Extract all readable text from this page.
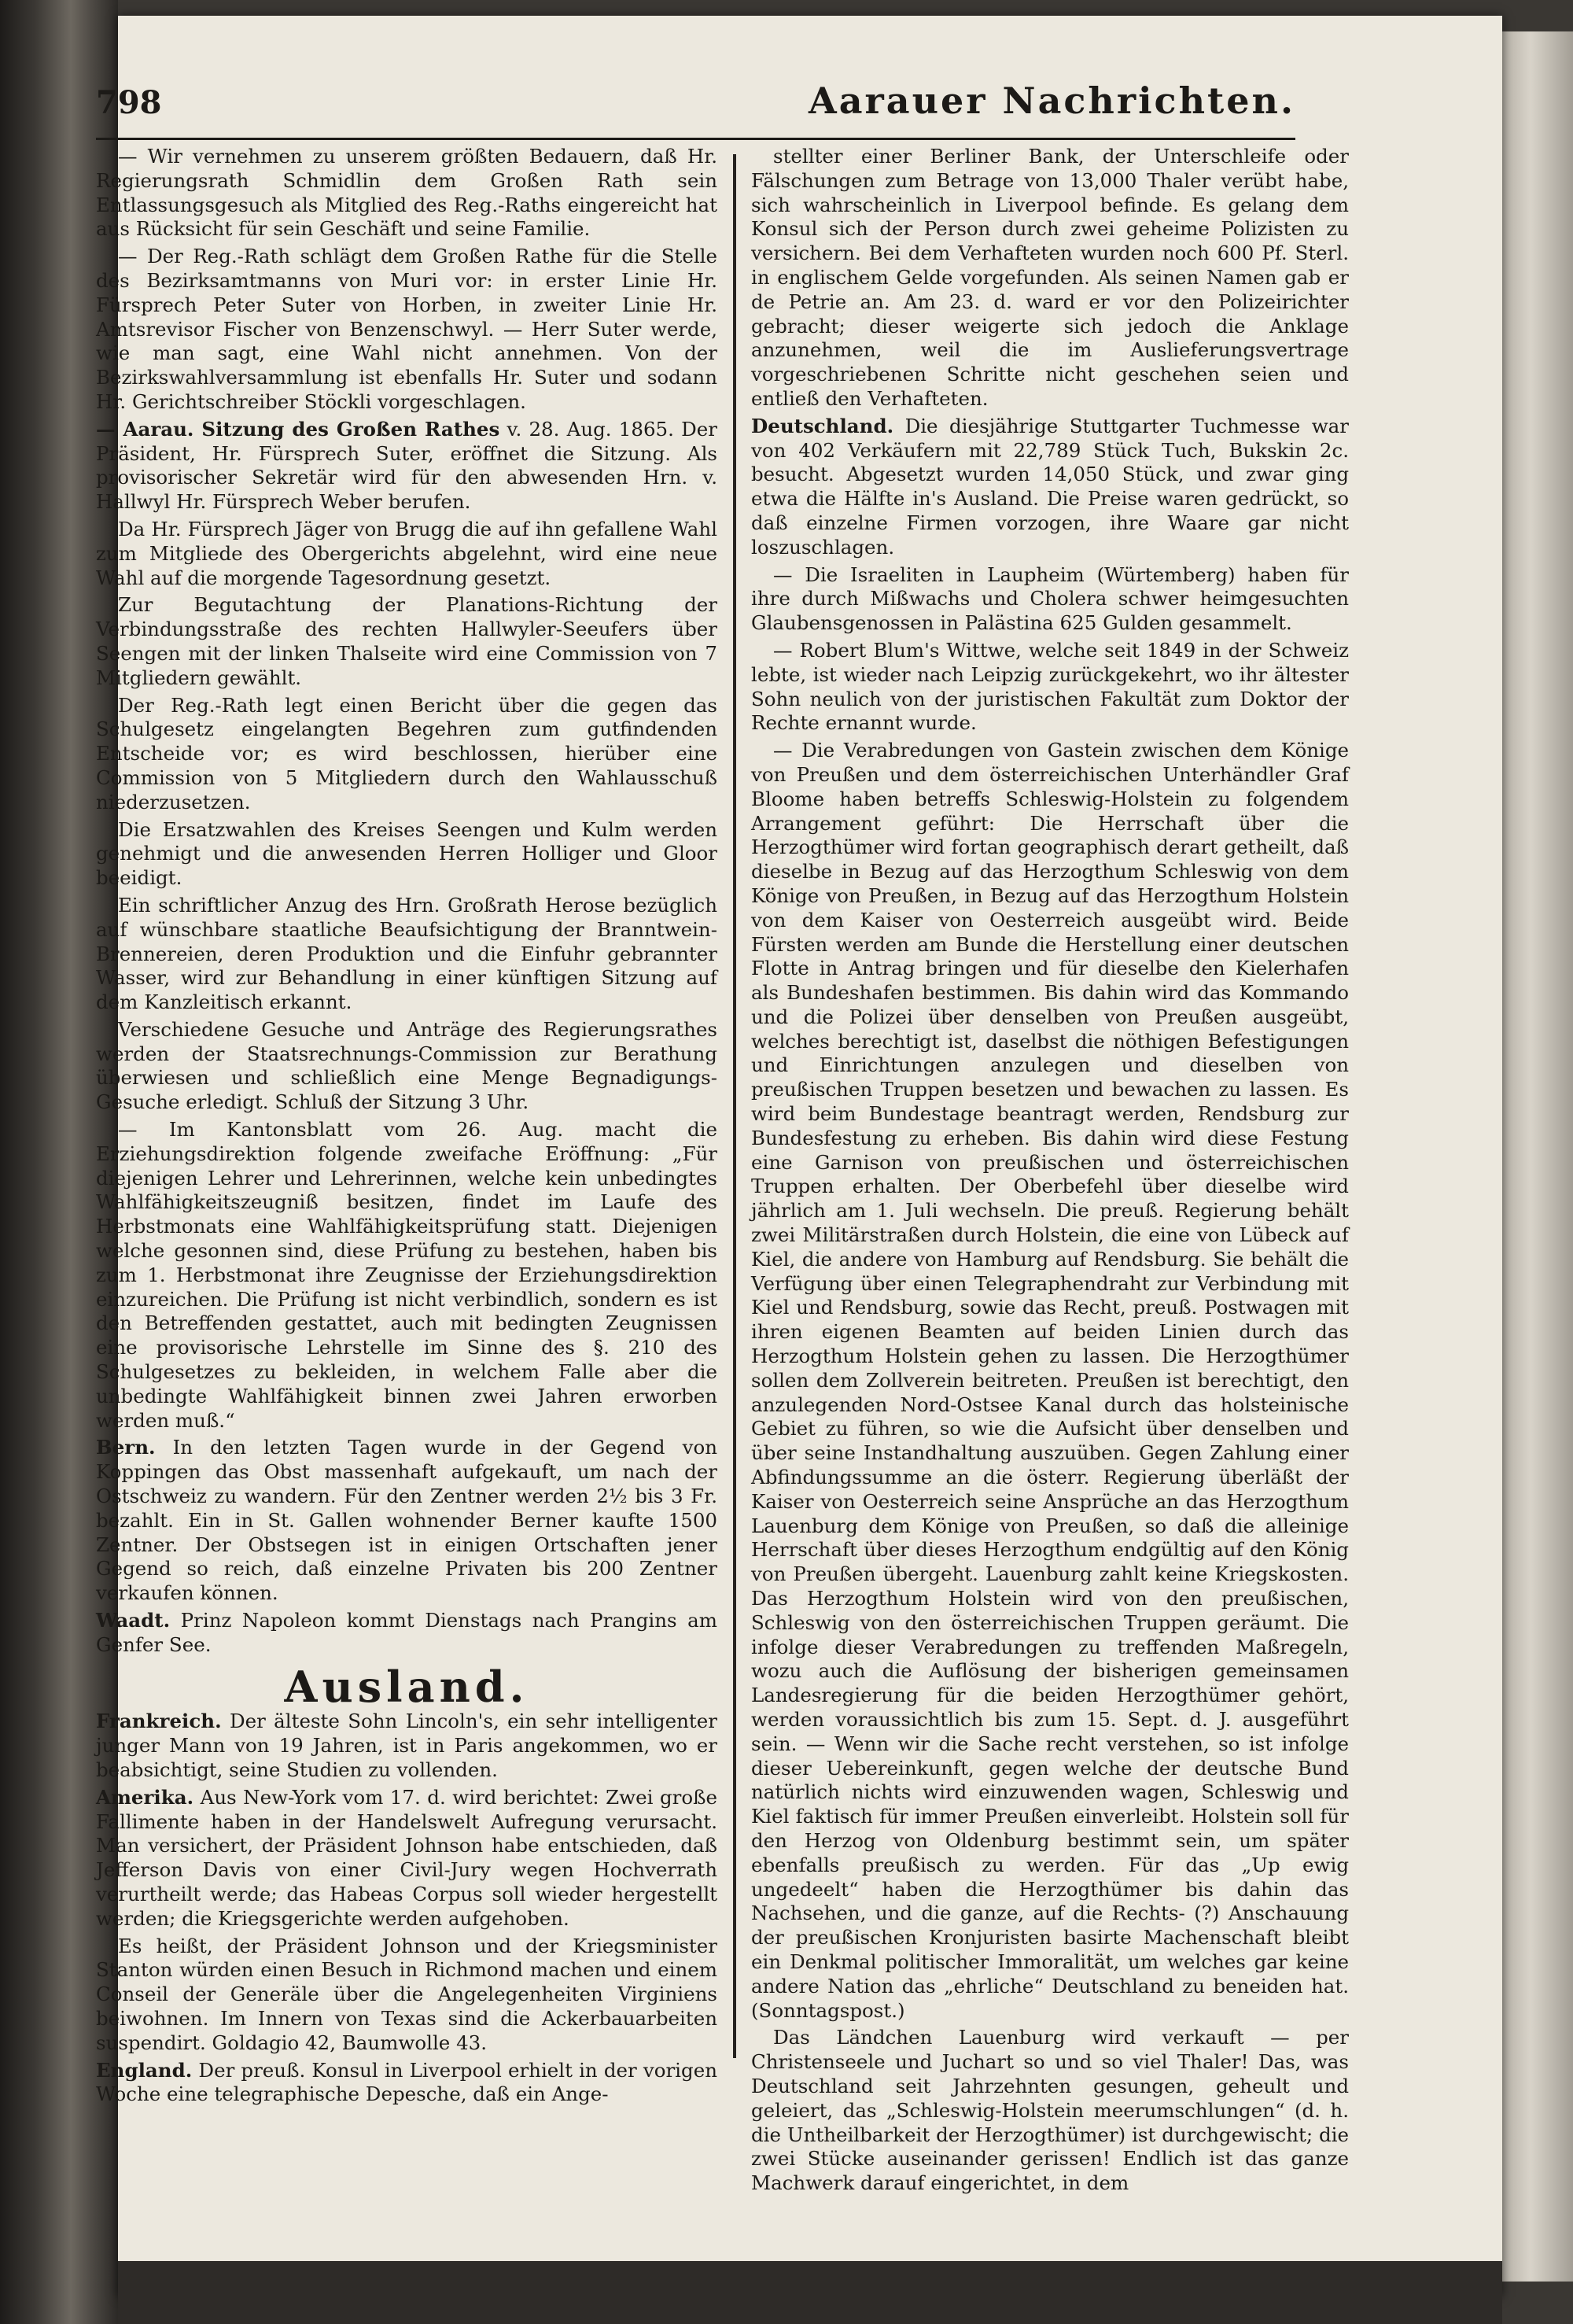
798	Aarauer Nachrichten.

— Wir vernehmen zu unserem größten Bedauern, daß Hr. Regierungsrath Schmidlin dem Großen Rath sein Entlassungsgesuch als Mitglied des Reg.-Raths eingereicht hat aus Rücksicht für sein Geschäft und seine Familie.

— Der Reg.-Rath schlägt dem Großen Rathe für die Stelle des Bezirksamtmanns von Muri vor: in erster Linie Hr. Fürsprech Peter Suter von Horben, in zweiter Linie Hr. Amtsrevisor Fischer von Benzenschwyl. — Herr Suter werde, wie man sagt, eine Wahl nicht annehmen. Von der Bezirkswahlversammlung ist ebenfalls Hr. Suter und sodann Hr. Gerichtschreiber Stöckli vorgeschlagen.

— Aarau. Sitzung des Großen Rathes v. 28. Aug. 1865. Der Präsident, Hr. Fürsprech Suter, eröffnet die Sitzung. Als provisorischer Sekretär wird für den abwesenden Hrn. v. Hallwyl Hr. Fürsprech Weber berufen.

Da Hr. Fürsprech Jäger von Brugg die auf ihn gefallene Wahl zum Mitgliede des Obergerichts abgelehnt, wird eine neue Wahl auf die morgende Tagesordnung gesetzt.

Zur Begutachtung der Planations-Richtung der Verbindungsstraße des rechten Hallwyler-Seeufers über Seengen mit der linken Thalseite wird eine Commission von 7 Mitgliedern gewählt.

Der Reg.-Rath legt einen Bericht über die gegen das Schulgesetz eingelangten Begehren zum gutfindenden Entscheide vor; es wird beschlossen, hierüber eine Commission von 5 Mitgliedern durch den Wahlausschuß niederzusetzen.

Die Ersatzwahlen des Kreises Seengen und Kulm werden genehmigt und die anwesenden Herren Holliger und Gloor beeidigt.

Ein schriftlicher Anzug des Hrn. Großrath Herose bezüglich auf wünschbare staatliche Beaufsichtigung der Branntwein-Brennereien, deren Produktion und die Einfuhr gebrannter Wasser, wird zur Behandlung in einer künftigen Sitzung auf dem Kanzleitisch erkannt.

Verschiedene Gesuche und Anträge des Regierungsrathes werden der Staatsrechnungs-Commission zur Berathung überwiesen und schließlich eine Menge Begnadigungs-Gesuche erledigt. Schluß der Sitzung 3 Uhr.

— Im Kantonsblatt vom 26. Aug. macht die Erziehungsdirektion folgende zweifache Eröffnung: „Für diejenigen Lehrer und Lehrerinnen, welche kein unbedingtes Wahlfähigkeitszeugniß besitzen, findet im Laufe des Herbstmonats eine Wahlfähigkeitsprüfung statt. Diejenigen welche gesonnen sind, diese Prüfung zu bestehen, haben bis zum 1. Herbstmonat ihre Zeugnisse der Erziehungsdirektion einzureichen. Die Prüfung ist nicht verbindlich, sondern es ist den Betreffenden gestattet, auch mit bedingten Zeugnissen eine provisorische Lehrstelle im Sinne des §. 210 des Schulgesetzes zu bekleiden, in welchem Falle aber die unbedingte Wahlfähigkeit binnen zwei Jahren erworben werden muß.“

Bern. In den letzten Tagen wurde in der Gegend von Koppingen das Obst massenhaft aufgekauft, um nach der Ostschweiz zu wandern. Für den Zentner werden 2½ bis 3 Fr. bezahlt. Ein in St. Gallen wohnender Berner kaufte 1500 Zentner. Der Obstsegen ist in einigen Ortschaften jener Gegend so reich, daß einzelne Privaten bis 200 Zentner verkaufen können.

Waadt. Prinz Napoleon kommt Dienstags nach Prangins am Genfer See.

Ausland.

Frankreich. Der älteste Sohn Lincoln's, ein sehr intelligenter junger Mann von 19 Jahren, ist in Paris angekommen, wo er beabsichtigt, seine Studien zu vollenden.

Amerika. Aus New-York vom 17. d. wird berichtet: Zwei große Fallimente haben in der Handelswelt Aufregung verursacht. Man versichert, der Präsident Johnson habe entschieden, daß Jefferson Davis von einer Civil-Jury wegen Hochverrath verurtheilt werde; das Habeas Corpus soll wieder hergestellt werden; die Kriegsgerichte werden aufgehoben.

Es heißt, der Präsident Johnson und der Kriegsminister Stanton würden einen Besuch in Richmond machen und einem Conseil der Generäle über die Angelegenheiten Virginiens beiwohnen. Im Innern von Texas sind die Ackerbauarbeiten suspendirt. Goldagio 42, Baumwolle 43.

England. Der preuß. Konsul in Liverpool erhielt in der vorigen Woche eine telegraphische Depesche, daß ein Ange-

stellter einer Berliner Bank, der Unterschleife oder Fälschungen zum Betrage von 13,000 Thaler verübt habe, sich wahrscheinlich in Liverpool befinde. Es gelang dem Konsul sich der Person durch zwei geheime Polizisten zu versichern. Bei dem Verhafteten wurden noch 600 Pf. Sterl. in englischem Gelde vorgefunden. Als seinen Namen gab er de Petrie an. Am 23. d. ward er vor den Polizeirichter gebracht; dieser weigerte sich jedoch die Anklage anzunehmen, weil die im Auslieferungsvertrage vorgeschriebenen Schritte nicht geschehen seien und entließ den Verhafteten.

Deutschland. Die diesjährige Stuttgarter Tuchmesse war von 402 Verkäufern mit 22,789 Stück Tuch, Bukskin 2c. besucht. Abgesetzt wurden 14,050 Stück, und zwar ging etwa die Hälfte in's Ausland. Die Preise waren gedrückt, so daß einzelne Firmen vorzogen, ihre Waare gar nicht loszuschlagen.

— Die Israeliten in Laupheim (Würtemberg) haben für ihre durch Mißwachs und Cholera schwer heimgesuchten Glaubensgenossen in Palästina 625 Gulden gesammelt.

— Robert Blum's Wittwe, welche seit 1849 in der Schweiz lebte, ist wieder nach Leipzig zurückgekehrt, wo ihr ältester Sohn neulich von der juristischen Fakultät zum Doktor der Rechte ernannt wurde.

— Die Verabredungen von Gastein zwischen dem Könige von Preußen und dem österreichischen Unterhändler Graf Bloome haben betreffs Schleswig-Holstein zu folgendem Arrangement geführt: Die Herrschaft über die Herzogthümer wird fortan geographisch derart getheilt, daß dieselbe in Bezug auf das Herzogthum Schleswig von dem Könige von Preußen, in Bezug auf das Herzogthum Holstein von dem Kaiser von Oesterreich ausgeübt wird. Beide Fürsten werden am Bunde die Herstellung einer deutschen Flotte in Antrag bringen und für dieselbe den Kielerhafen als Bundeshafen bestimmen. Bis dahin wird das Kommando und die Polizei über denselben von Preußen ausgeübt, welches berechtigt ist, daselbst die nöthigen Befestigungen und Einrichtungen anzulegen und dieselben von preußischen Truppen besetzen und bewachen zu lassen. Es wird beim Bundestage beantragt werden, Rendsburg zur Bundesfestung zu erheben. Bis dahin wird diese Festung eine Garnison von preußischen und österreichischen Truppen erhalten. Der Oberbefehl über dieselbe wird jährlich am 1. Juli wechseln. Die preuß. Regierung behält zwei Militärstraßen durch Holstein, die eine von Lübeck auf Kiel, die andere von Hamburg auf Rendsburg. Sie behält die Verfügung über einen Telegraphendraht zur Verbindung mit Kiel und Rendsburg, sowie das Recht, preuß. Postwagen mit ihren eigenen Beamten auf beiden Linien durch das Herzogthum Holstein gehen zu lassen. Die Herzogthümer sollen dem Zollverein beitreten. Preußen ist berechtigt, den anzulegenden Nord-Ostsee Kanal durch das holsteinische Gebiet zu führen, so wie die Aufsicht über denselben und über seine Instandhaltung auszuüben. Gegen Zahlung einer Abfindungssumme an die österr. Regierung überläßt der Kaiser von Oesterreich seine Ansprüche an das Herzogthum Lauenburg dem Könige von Preußen, so daß die alleinige Herrschaft über dieses Herzogthum endgültig auf den König von Preußen übergeht. Lauenburg zahlt keine Kriegskosten. Das Herzogthum Holstein wird von den preußischen, Schleswig von den österreichischen Truppen geräumt. Die infolge dieser Verabredungen zu treffenden Maßregeln, wozu auch die Auflösung der bisherigen gemeinsamen Landesregierung für die beiden Herzogthümer gehört, werden voraussichtlich bis zum 15. Sept. d. J. ausgeführt sein. — Wenn wir die Sache recht verstehen, so ist infolge dieser Uebereinkunft, gegen welche der deutsche Bund natürlich nichts wird einzuwenden wagen, Schleswig und Kiel faktisch für immer Preußen einverleibt. Holstein soll für den Herzog von Oldenburg bestimmt sein, um später ebenfalls preußisch zu werden. Für das „Up ewig ungedeelt“ haben die Herzogthümer bis dahin das Nachsehen, und die ganze, auf die Rechts- (?) Anschauung der preußischen Kronjuristen basirte Machenschaft bleibt ein Denkmal politischer Immoralität, um welches gar keine andere Nation das „ehrliche“ Deutschland zu beneiden hat. (Sonntagspost.)

Das Ländchen Lauenburg wird verkauft — per Christenseele und Juchart so und so viel Thaler! Das, was Deutschland seit Jahrzehnten gesungen, geheult und geleiert, das „Schleswig-Holstein meerumschlungen“ (d. h. die Untheilbarkeit der Herzogthümer) ist durchgewischt; die zwei Stücke auseinander gerissen! Endlich ist das ganze Machwerk darauf eingerichtet, in dem
